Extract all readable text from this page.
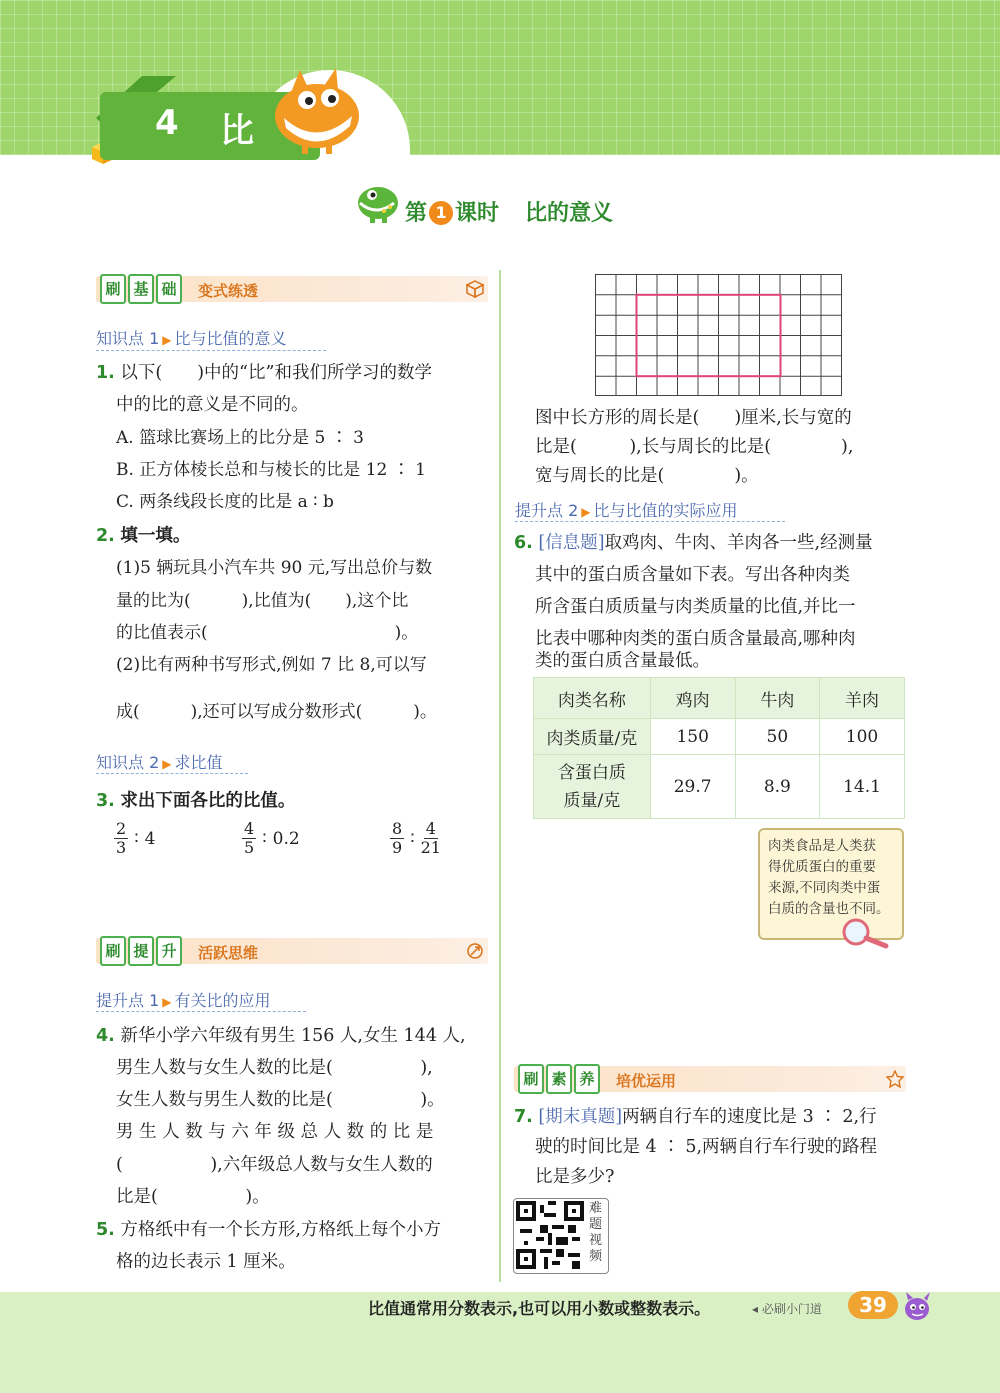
4 比
第 1 课时 比的意义
刷 基 础	变式练透
知识点 1 ▶ 比与比值的意义
1. 以下(　　)中的“比”和我们所学习的数学
中的比的意义是不同的。
A. 篮球比赛场上的比分是 5 ∶ 3
B. 正方体棱长总和与棱长的比是 12 ∶ 1
C. 两条线段长度的比是 a ∶ b
2. 填一填。
(1)5 辆玩具小汽车共 90 元,写出总价与数
量的比为(　　　),比值为(　　),这个比
的比值表示(　　　　　　　　　　　)。
(2)比有两种书写形式,例如 7 比 8,可以写
成(　　　),还可以写成分数形式(　　　)。
知识点 2 ▶ 求比值
3. 求出下面各比的比值。
$\frac{2}{3}$ ∶ 4	$\frac{4}{5}$ ∶ 0.2	$\frac{8}{9}$ ∶ $\frac{4}{21}$
刷 提 升	活跃思维
提升点 1 ▶ 有关比的应用
4. 新华小学六年级有男生 156 人,女生 144 人,
男生人数与女生人数的比是(　　　　　),
女生人数与男生人数的比是(　　　　　)。
男 生 人 数 与 六 年 级 总 人 数 的 比 是
(　　　　　),六年级总人数与女生人数的
比是(　　　　　)。
5. 方格纸中有一个长方形,方格纸上每个小方
格的边长表示 1 厘米。
图中长方形的周长是(　　)厘米,长与宽的
比是(　　　),长与周长的比是(　　　　),
宽与周长的比是(　　　　)。
提升点 2 ▶ 比与比值的实际应用
6. [信息题]取鸡肉、牛肉、羊肉各一些,经测量
其中的蛋白质含量如下表。写出各种肉类
所含蛋白质质量与肉类质量的比值,并比一
比表中哪种肉类的蛋白质含量最高,哪种肉
类的蛋白质含量最低。
肉类名称	鸡肉	牛肉	羊肉
肉类质量/克	150	50	100
含蛋白质
质量/克	29.7	8.9	14.1
肉类食品是人类获
得优质蛋白的重要
来源,不同肉类中蛋
白质的含量也不同。
刷 素 养	培优运用
7. [期末真题]两辆自行车的速度比是 3 ∶ 2,行
驶的时间比是 4 ∶ 5,两辆自行车行驶的路程
比是多少?
难
题
视
频
比值通常用分数表示,也可以用小数或整数表示。	◂ 必刷小门道	39
